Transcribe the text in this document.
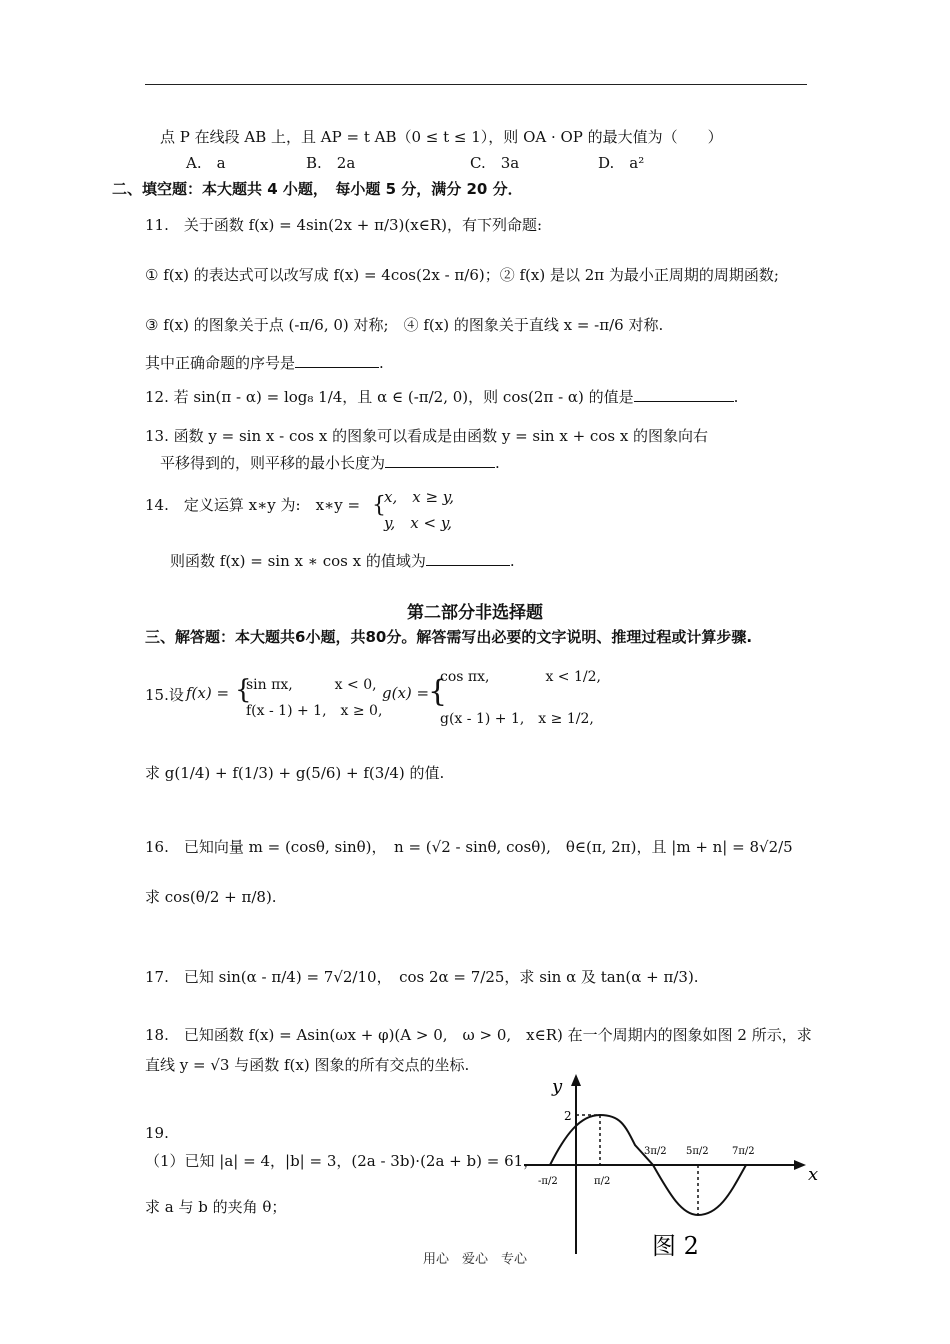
点 P 在线段 AB 上，且 AP = t AB（0 ≤ t ≤ 1），则 OA · OP 的最大值为（　　）
A.　a	B.　2a	C.　3a	D.　a²
二、填空题：本大题共 4 小题，　每小题 5 分，满分 20 分．
11.　关于函数 f(x) = 4sin(2x + π/3)(x∈R)，有下列命题:
① f(x) 的表达式可以改写成 f(x) = 4cos(2x - π/6)；② f(x) 是以 2π 为最小正周期的周期函数;
③ f(x) 的图象关于点 (-π/6, 0) 对称;　④ f(x) 的图象关于直线 x = -π/6 对称.
其中正确命题的序号是	.
12. 若 sin(π - α) = log₈ 1/4，且 α ∈ (-π/2, 0)，则 cos(2π - α) 的值是	.
13. 函数 y = sin x - cos x 的图象可以看成是由函数 y = sin x + cos x 的图象向右
平移得到的，则平移的最小长度为	.
14.　定义运算 x∗y 为:　x∗y = {
x,　x ≥ y,
y,　x < y,
则函数 f(x) = sin x ∗ cos x 的值域为	.
第二部分非选择题
三、解答题：本大题共6小题，共80分。解答需写出必要的文字说明、推理过程或计算步骤.
15.设 f(x) = {
sin πx,　　　x < 0,
f(x - 1) + 1,　x ≥ 0,
g(x) =
{
cos πx,　　　　x < 1/2,
g(x - 1) + 1,　x ≥ 1/2,
求 g(1/4) + f(1/3) + g(5/6) + f(3/4) 的值.
16.　已知向量 m = (cosθ, sinθ)，　n = (√2 - sinθ, cosθ),　θ∈(π, 2π)，且 |m + n| = 8√2/5
求 cos(θ/2 + π/8).
17.　已知 sin(α - π/4) = 7√2/10，　cos 2α = 7/25，求 sin α 及 tan(α + π/3).
18.　已知函数 f(x) = Asin(ωx + φ)(A > 0,　ω > 0,　x∈R) 在一个周期内的图象如图 2 所示，求
直线 y = √3 与函数 f(x) 图象的所有交点的坐标.
19.
（1）已知 |a| = 4，|b| = 3，(2a - 3b)·(2a + b) = 61，
求 a 与 b 的夹角 θ；
y
x
2
-π/2	π/2
3π/2 5π/2 7π/2
图 2
用心　爱心　专心
